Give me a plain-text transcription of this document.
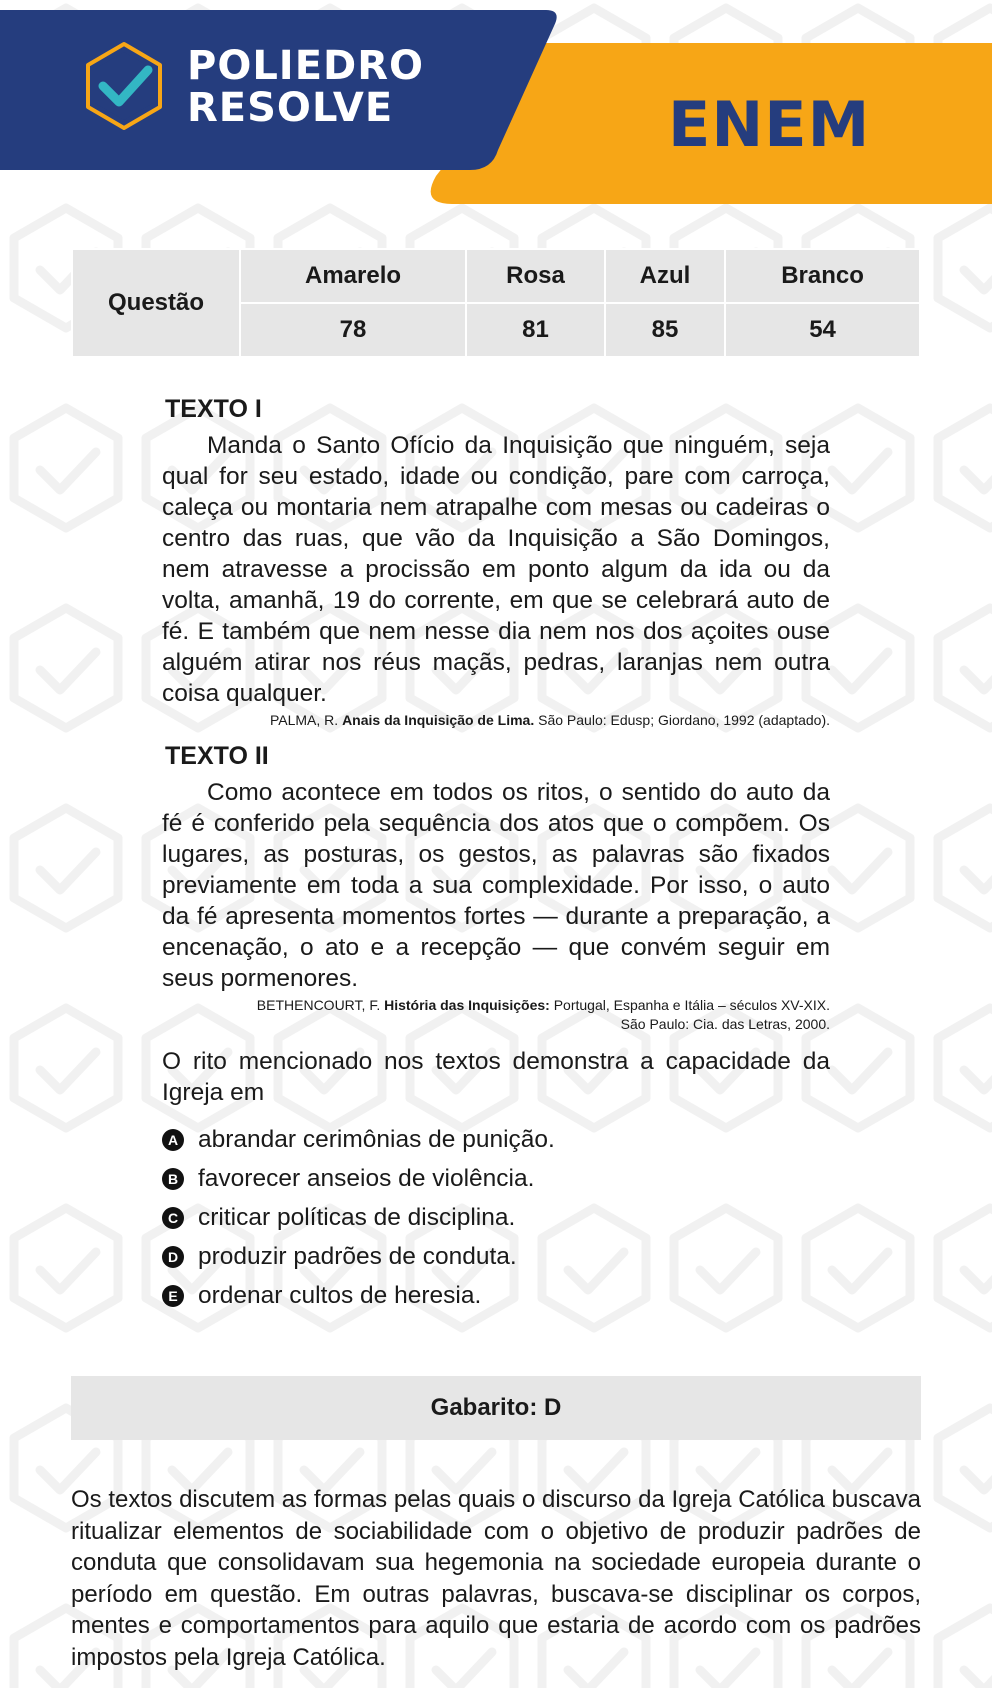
POLIEDRO
RESOLVE	ENEM
Questão	Amarelo	Rosa	Azul	Branco
	78	81	85	54
TEXTO I

Manda o Santo Ofício da Inquisição que ninguém, seja qual for seu estado, idade ou condição, pare com carroça, caleça ou montaria nem atrapalhe com mesas ou cadeiras o centro das ruas, que vão da Inquisição a São Domingos, nem atravesse a procissão em ponto algum da ida ou da volta, amanhã, 19 do corrente, em que se celebrará auto de fé. E também que nem nesse dia nem nos dos açoites ouse alguém atirar nos réus maçãs, pedras, laranjas nem outra coisa qualquer.

PALMA, R. Anais da Inquisição de Lima. São Paulo: Edusp; Giordano, 1992 (adaptado).
TEXTO II

Como acontece em todos os ritos, o sentido do auto da fé é conferido pela sequência dos atos que o compõem. Os lugares, as posturas, os gestos, as palavras são fixados previamente em toda a sua complexidade. Por isso, o auto da fé apresenta momentos fortes — durante a preparação, a encenação, o ato e a recepção — que convém seguir em seus pormenores.

BETHENCOURT, F. História das Inquisições: Portugal, Espanha e Itália – séculos XV-XIX.
São Paulo: Cia. das Letras, 2000.

O rito mencionado nos textos demonstra a capacidade da Igreja em

A abrandar cerimônias de punição.
B favorecer anseios de violência.
C criticar políticas de disciplina.
D produzir padrões de conduta.
E ordenar cultos de heresia.
Gabarito: D

Os textos discutem as formas pelas quais o discurso da Igreja Católica buscava ritualizar elementos de sociabilidade com o objetivo de produzir padrões de conduta que consolidavam sua hegemonia na sociedade europeia durante o período em questão. Em outras palavras, buscava-se disciplinar os corpos, mentes e comportamentos para aquilo que estaria de acordo com os padrões impostos pela Igreja Católica.
